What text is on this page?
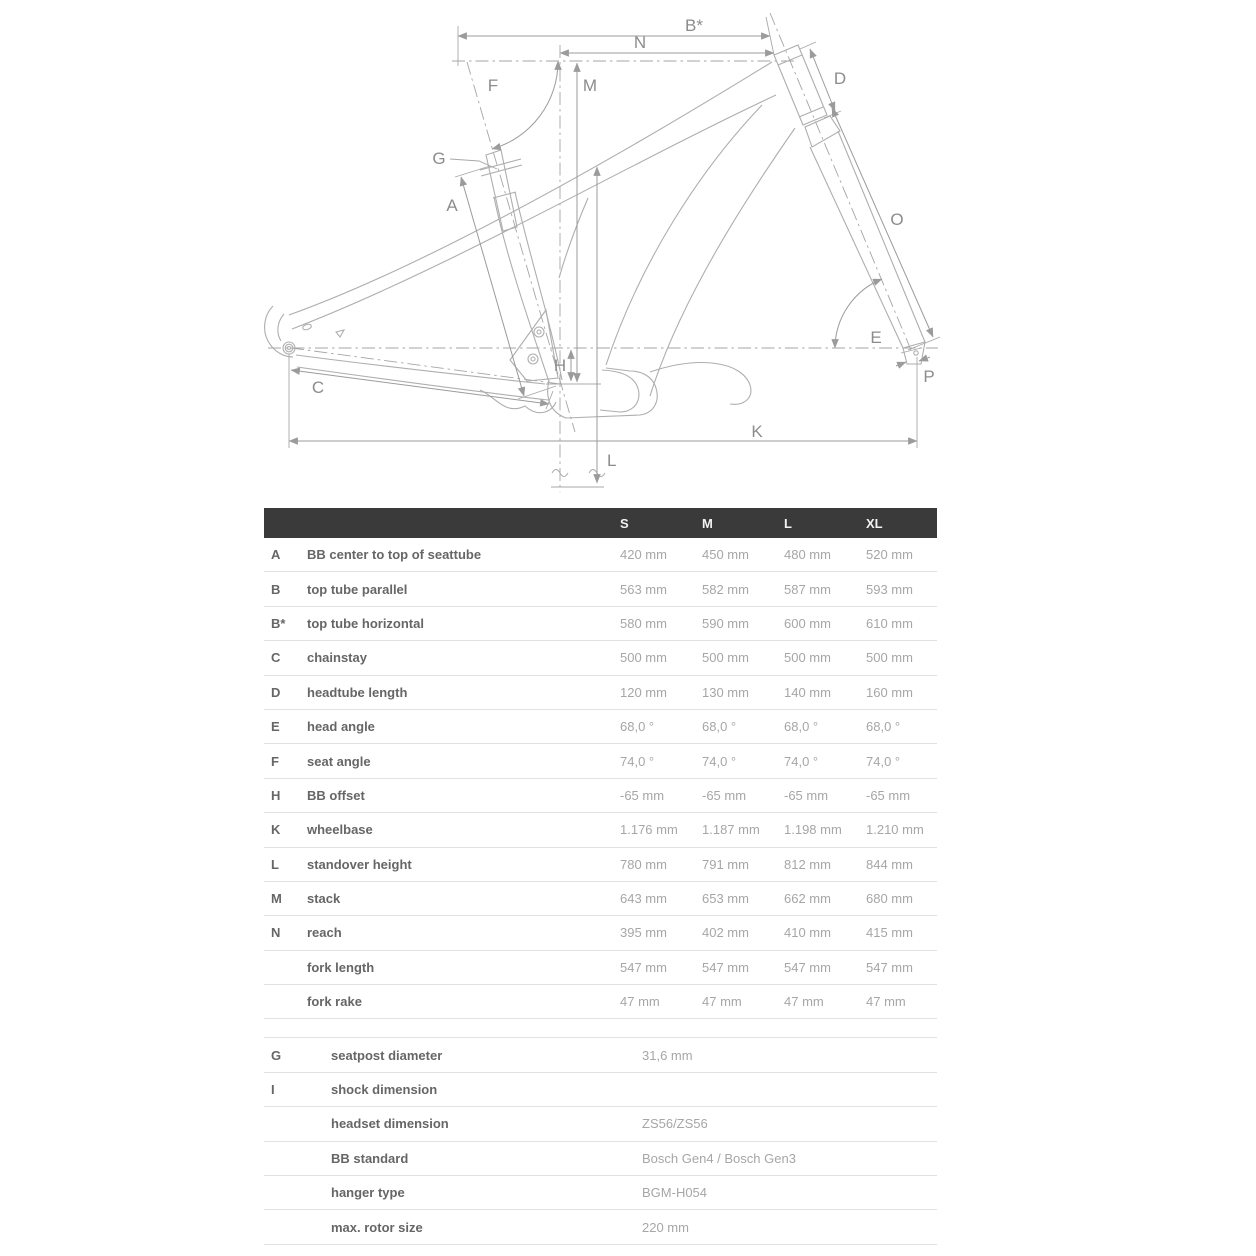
B*
N
M
F
G
A
D
O
E
H
P
C
K
L
S	M	L	XL
A	BB center to top of seattube	420 mm	450 mm	480 mm	520 mm
B	top tube parallel	563 mm	582 mm	587 mm	593 mm
B*	top tube horizontal	580 mm	590 mm	600 mm	610 mm
C	chainstay	500 mm	500 mm	500 mm	500 mm
D	headtube length	120 mm	130 mm	140 mm	160 mm
E	head angle	68,0 °	68,0 °	68,0 °	68,0 °
F	seat angle	74,0 °	74,0 °	74,0 °	74,0 °
H	BB offset	-65 mm	-65 mm	-65 mm	-65 mm
K	wheelbase	1.176 mm	1.187 mm	1.198 mm	1.210 mm
L	standover height	780 mm	791 mm	812 mm	844 mm
M	stack	643 mm	653 mm	662 mm	680 mm
N	reach	395 mm	402 mm	410 mm	415 mm
fork length	547 mm	547 mm	547 mm	547 mm
fork rake	47 mm	47 mm	47 mm	47 mm
G	seatpost diameter	31,6 mm
I	shock dimension
headset dimension	ZS56/ZS56
BB standard	Bosch Gen4 / Bosch Gen3
hanger type	BGM-H054
max. rotor size	220 mm
